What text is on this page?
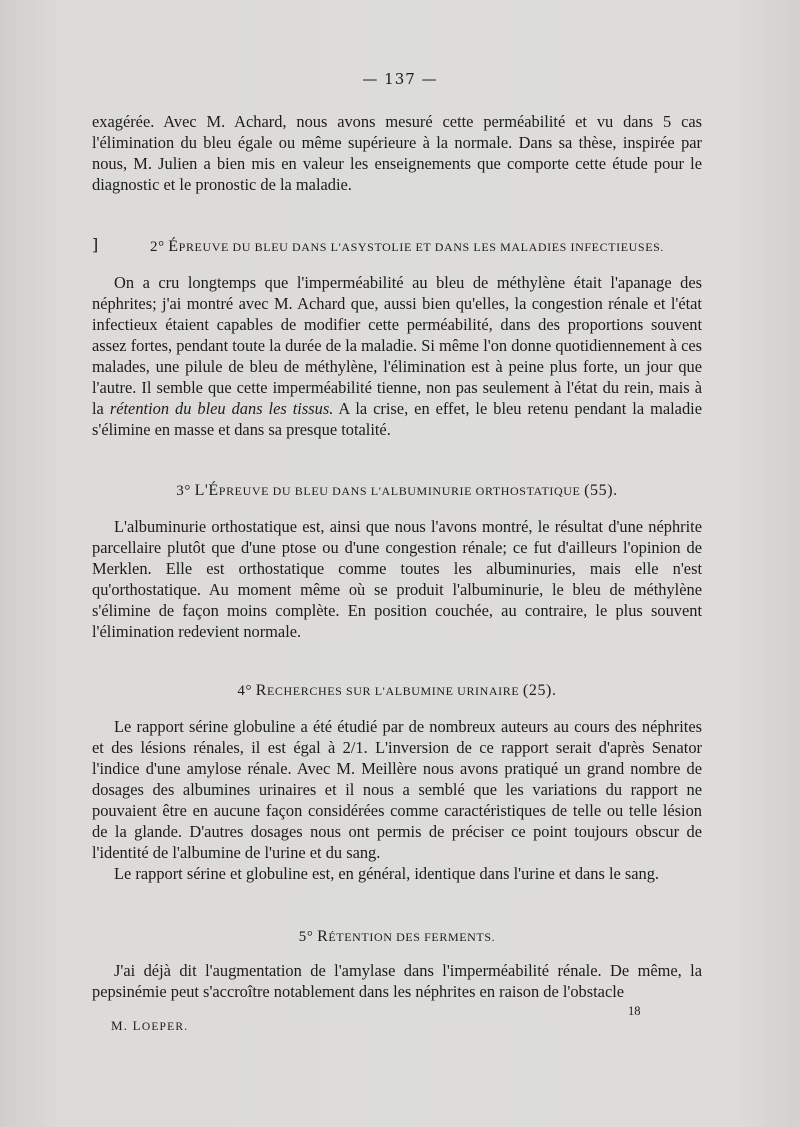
— 137 —

exagérée. Avec M. Achard, nous avons mesuré cette perméabilité et vu dans 5 cas l'élimination du bleu égale ou même supérieure à la normale. Dans sa thèse, inspirée par nous, M. Julien a bien mis en valeur les enseignements que comporte cette étude pour le diagnostic et le pronostic de la maladie.

]	2° ÉPREUVE DU BLEU DANS L'ASYSTOLIE ET DANS LES MALADIES INFECTIEUSES.

On a cru longtemps que l'imperméabilité au bleu de méthylène était l'apanage des néphrites; j'ai montré avec M. Achard que, aussi bien qu'elles, la congestion rénale et l'état infectieux étaient capables de modifier cette perméabilité, dans des proportions souvent assez fortes, pendant toute la durée de la maladie. Si même l'on donne quotidiennement à ces malades, une pilule de bleu de méthylène, l'élimination est à peine plus forte, un jour que l'autre. Il semble que cette imperméabilité tienne, non pas seulement à l'état du rein, mais à la rétention du bleu dans les tissus. A la crise, en effet, le bleu retenu pendant la maladie s'élimine en masse et dans sa presque totalité.

3° L'ÉPREUVE DU BLEU DANS L'ALBUMINURIE ORTHOSTATIQUE (55).

L'albuminurie orthostatique est, ainsi que nous l'avons montré, le résultat d'une néphrite parcellaire plutôt que d'une ptose ou d'une congestion rénale; ce fut d'ailleurs l'opinion de Merklen. Elle est orthostatique comme toutes les albuminuries, mais elle n'est qu'orthostatique. Au moment même où se produit l'albuminurie, le bleu de méthylène s'élimine de façon moins complète. En position couchée, au contraire, le plus souvent l'élimination redevient normale.

4° RECHERCHES SUR L'ALBUMINE URINAIRE (25).

Le rapport sérine globuline a été étudié par de nombreux auteurs au cours des néphrites et des lésions rénales, il est égal à 2/1. L'inversion de ce rapport serait d'après Senator l'indice d'une amylose rénale. Avec M. Meillère nous avons pratiqué un grand nombre de dosages des albumines urinaires et il nous a semblé que les variations du rapport ne pouvaient être en aucune façon considérées comme caractéristiques de telle ou telle lésion de la glande. D'autres dosages nous ont permis de préciser ce point toujours obscur de l'identité de l'albumine de l'urine et du sang.

Le rapport sérine et globuline est, en général, identique dans l'urine et dans le sang.

5° RÉTENTION DES FERMENTS.

J'ai déjà dit l'augmentation de l'amylase dans l'imperméabilité rénale. De même, la pepsinémie peut s'accroître notablement dans les néphrites en raison de l'obstacle

M. LOEPER.
18
